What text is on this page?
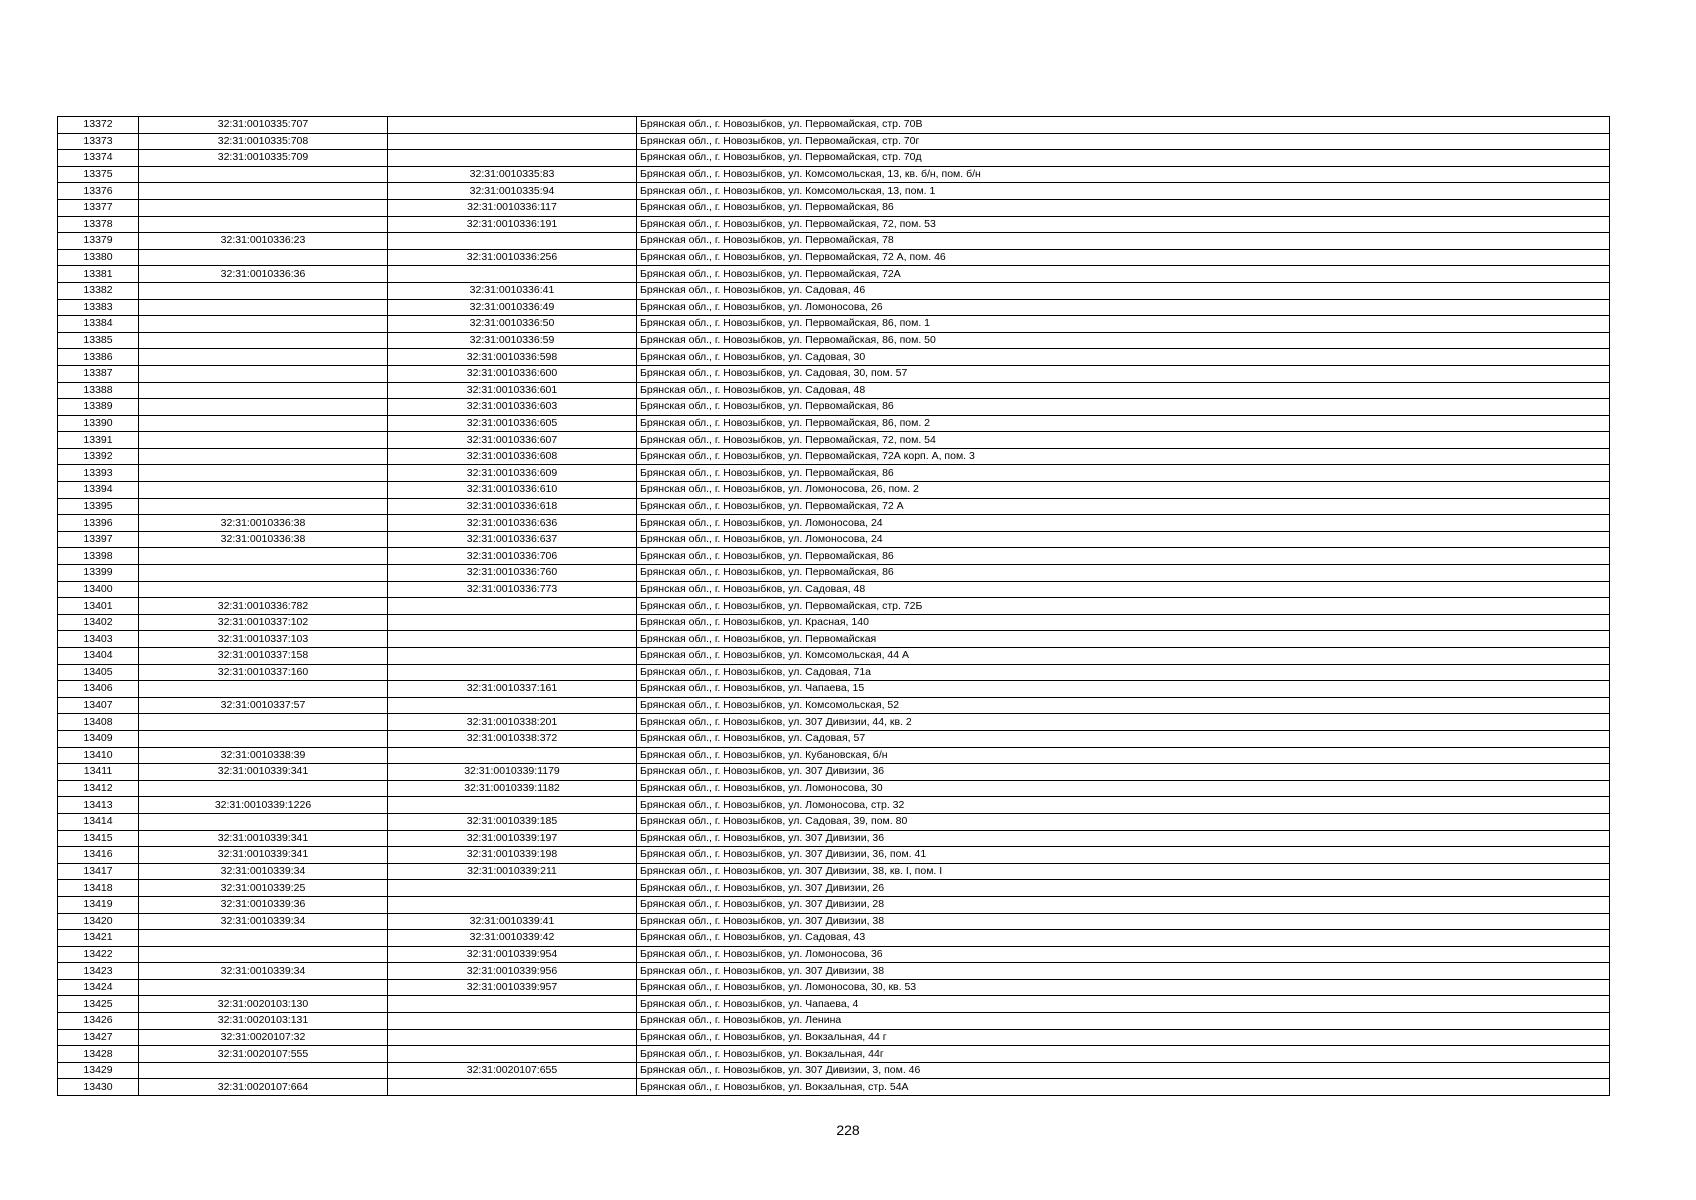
13372	32:31:0010335:707		Брянская обл., г. Новозыбков, ул. Первомайская, стр. 70В
13373	32:31:0010335:708		Брянская обл., г. Новозыбков, ул. Первомайская, стр. 70г
13374	32:31:0010335:709		Брянская обл., г. Новозыбков, ул. Первомайская, стр. 70д
13375		32:31:0010335:83	Брянская обл., г. Новозыбков, ул. Комсомольская, 13, кв. б/н, пом. б/н
13376		32:31:0010335:94	Брянская обл., г. Новозыбков, ул. Комсомольская, 13, пом. 1
13377		32:31:0010336:117	Брянская обл., г. Новозыбков, ул. Первомайская, 86
13378		32:31:0010336:191	Брянская обл., г. Новозыбков, ул. Первомайская, 72, пом. 53
13379	32:31:0010336:23		Брянская обл., г. Новозыбков, ул. Первомайская, 78
13380		32:31:0010336:256	Брянская обл., г. Новозыбков, ул. Первомайская, 72 А, пом. 46
13381	32:31:0010336:36		Брянская обл., г. Новозыбков, ул. Первомайская, 72А
13382		32:31:0010336:41	Брянская обл., г. Новозыбков, ул. Садовая, 46
13383		32:31:0010336:49	Брянская обл., г. Новозыбков, ул. Ломоносова, 26
13384		32:31:0010336:50	Брянская обл., г. Новозыбков, ул. Первомайская, 86, пом. 1
13385		32:31:0010336:59	Брянская обл., г. Новозыбков, ул. Первомайская, 86, пом. 50
13386		32:31:0010336:598	Брянская обл., г. Новозыбков, ул. Садовая, 30
13387		32:31:0010336:600	Брянская обл., г. Новозыбков, ул. Садовая, 30, пом. 57
13388		32:31:0010336:601	Брянская обл., г. Новозыбков, ул. Садовая, 48
13389		32:31:0010336:603	Брянская обл., г. Новозыбков, ул. Первомайская, 86
13390		32:31:0010336:605	Брянская обл., г. Новозыбков, ул. Первомайская, 86, пом. 2
13391		32:31:0010336:607	Брянская обл., г. Новозыбков, ул. Первомайская, 72, пом. 54
13392		32:31:0010336:608	Брянская обл., г. Новозыбков, ул. Первомайская, 72А корп. А, пом. 3
13393		32:31:0010336:609	Брянская обл., г. Новозыбков, ул. Первомайская, 86
13394		32:31:0010336:610	Брянская обл., г. Новозыбков, ул. Ломоносова, 26, пом. 2
13395		32:31:0010336:618	Брянская обл., г. Новозыбков, ул. Первомайская, 72 А
13396	32:31:0010336:38	32:31:0010336:636	Брянская обл., г. Новозыбков, ул. Ломоносова, 24
13397	32:31:0010336:38	32:31:0010336:637	Брянская обл., г. Новозыбков, ул. Ломоносова, 24
13398		32:31:0010336:706	Брянская обл., г. Новозыбков, ул. Первомайская, 86
13399		32:31:0010336:760	Брянская обл., г. Новозыбков, ул. Первомайская, 86
13400		32:31:0010336:773	Брянская обл., г. Новозыбков, ул. Садовая, 48
13401	32:31:0010336:782		Брянская обл., г. Новозыбков, ул. Первомайская, стр. 72Б
13402	32:31:0010337:102		Брянская обл., г. Новозыбков, ул. Красная, 140
13403	32:31:0010337:103		Брянская обл., г. Новозыбков, ул. Первомайская
13404	32:31:0010337:158		Брянская обл., г. Новозыбков, ул. Комсомольская, 44 А
13405	32:31:0010337:160		Брянская обл., г. Новозыбков, ул. Садовая, 71а
13406		32:31:0010337:161	Брянская обл., г. Новозыбков, ул. Чапаева, 15
13407	32:31:0010337:57		Брянская обл., г. Новозыбков, ул. Комсомольская, 52
13408		32:31:0010338:201	Брянская обл., г. Новозыбков, ул. 307 Дивизии, 44, кв. 2
13409		32:31:0010338:372	Брянская обл., г. Новозыбков, ул. Садовая, 57
13410	32:31:0010338:39		Брянская обл., г. Новозыбков, ул. Кубановская, б/н
13411	32:31:0010339:341	32:31:0010339:1179	Брянская обл., г. Новозыбков, ул. 307 Дивизии, 36
13412		32:31:0010339:1182	Брянская обл., г. Новозыбков, ул. Ломоносова, 30
13413	32:31:0010339:1226		Брянская обл., г. Новозыбков, ул. Ломоносова, стр. 32
13414		32:31:0010339:185	Брянская обл., г. Новозыбков, ул. Садовая, 39, пом. 80
13415	32:31:0010339:341	32:31:0010339:197	Брянская обл., г. Новозыбков, ул. 307 Дивизии, 36
13416	32:31:0010339:341	32:31:0010339:198	Брянская обл., г. Новозыбков, ул. 307 Дивизии, 36, пом. 41
13417	32:31:0010339:34	32:31:0010339:211	Брянская обл., г. Новозыбков, ул. 307 Дивизии, 38, кв. I, пом. I
13418	32:31:0010339:25		Брянская обл., г. Новозыбков, ул. 307 Дивизии, 26
13419	32:31:0010339:36		Брянская обл., г. Новозыбков, ул. 307 Дивизии, 28
13420	32:31:0010339:34	32:31:0010339:41	Брянская обл., г. Новозыбков, ул. 307 Дивизии, 38
13421		32:31:0010339:42	Брянская обл., г. Новозыбков, ул. Садовая, 43
13422		32:31:0010339:954	Брянская обл., г. Новозыбков, ул. Ломоносова, 36
13423	32:31:0010339:34	32:31:0010339:956	Брянская обл., г. Новозыбков, ул. 307 Дивизии, 38
13424		32:31:0010339:957	Брянская обл., г. Новозыбков, ул. Ломоносова, 30, кв. 53
13425	32:31:0020103:130		Брянская обл., г. Новозыбков, ул. Чапаева, 4
13426	32:31:0020103:131		Брянская обл., г. Новозыбков, ул. Ленина
13427	32:31:0020107:32		Брянская обл., г. Новозыбков, ул. Вокзальная, 44 г
13428	32:31:0020107:555		Брянская обл., г. Новозыбков, ул. Вокзальная, 44г
13429		32:31:0020107:655	Брянская обл., г. Новозыбков, ул. 307 Дивизии, 3, пом. 46
13430	32:31:0020107:664		Брянская обл., г. Новозыбков, ул. Вокзальная, стр. 54А
228
